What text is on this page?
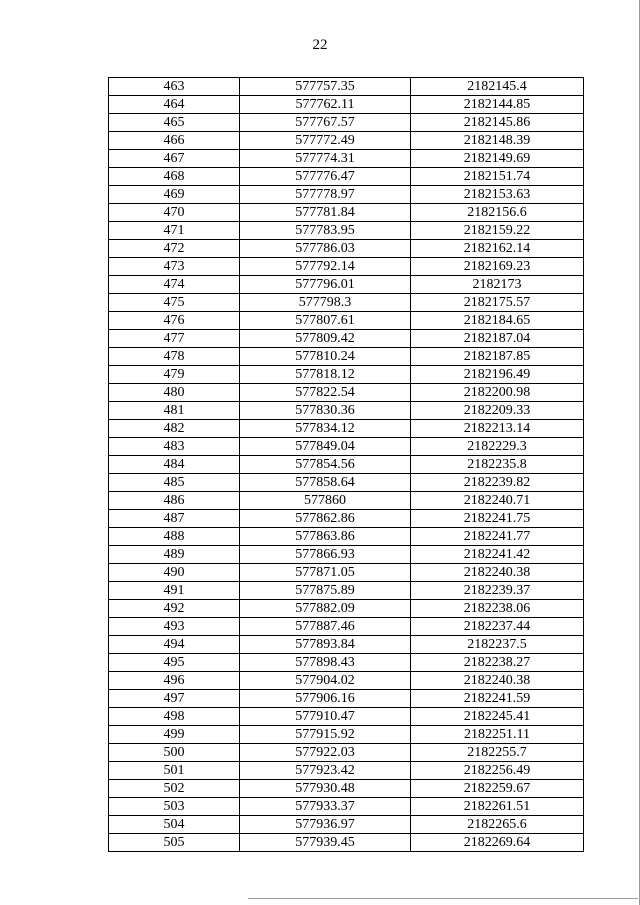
22
463	577757.35	2182145.4
464	577762.11	2182144.85
465	577767.57	2182145.86
466	577772.49	2182148.39
467	577774.31	2182149.69
468	577776.47	2182151.74
469	577778.97	2182153.63
470	577781.84	2182156.6
471	577783.95	2182159.22
472	577786.03	2182162.14
473	577792.14	2182169.23
474	577796.01	2182173
475	577798.3	2182175.57
476	577807.61	2182184.65
477	577809.42	2182187.04
478	577810.24	2182187.85
479	577818.12	2182196.49
480	577822.54	2182200.98
481	577830.36	2182209.33
482	577834.12	2182213.14
483	577849.04	2182229.3
484	577854.56	2182235.8
485	577858.64	2182239.82
486	577860	2182240.71
487	577862.86	2182241.75
488	577863.86	2182241.77
489	577866.93	2182241.42
490	577871.05	2182240.38
491	577875.89	2182239.37
492	577882.09	2182238.06
493	577887.46	2182237.44
494	577893.84	2182237.5
495	577898.43	2182238.27
496	577904.02	2182240.38
497	577906.16	2182241.59
498	577910.47	2182245.41
499	577915.92	2182251.11
500	577922.03	2182255.7
501	577923.42	2182256.49
502	577930.48	2182259.67
503	577933.37	2182261.51
504	577936.97	2182265.6
505	577939.45	2182269.64
